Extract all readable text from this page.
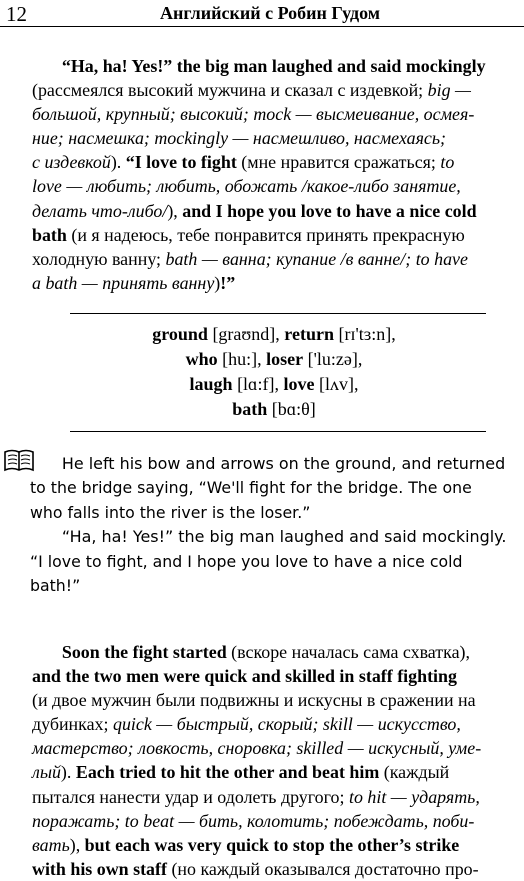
12	Английский с Робин Гудом
“Ha, ha! Yes!” the big man laughed and said mockingly
(рассмеялся высокий мужчина и сказал с издевкой; big —
большой, крупный; высокий; mock — высмеивание, осмея-
ние; насмешка; mockingly — насмешливо, насмехаясь;
с издевкой). “I love to fight (мне нравится сражаться; to
love — любить; любить, обожать /какое-либо занятие,
делать что-либо/), and I hope you love to have a nice cold
bath (и я надеюсь, тебе понравится принять прекрасную
холодную ванну; bath — ванна; купание /в ванне/; to have
a bath — принять ванну)!”
ground [graʊnd], return [rɪ'tɜ:n],
who [hu:], loser ['lu:zə],
laugh [lɑ:f], love [lʌv],
bath [bɑ:θ]
He left his bow and arrows on the ground, and returned
to the bridge saying, “We'll fight for the bridge. The one
who falls into the river is the loser.”
“Ha, ha! Yes!” the big man laughed and said mockingly.
“I love to fight, and I hope you love to have a nice cold
bath!”
Soon the fight started (вскоре началась сама схватка),
and the two men were quick and skilled in staff fighting
(и двое мужчин были подвижны и искусны в сражении на
дубинках; quick — быстрый, скорый; skill — искусство,
мастерство; ловкость, сноровка; skilled — искусный, уме-
лый). Each tried to hit the other and beat him (каждый
пытался нанести удар и одолеть другого; to hit — ударять,
поражать; to beat — бить, колотить; побеждать, поби-
вать), but each was very quick to stop the other’s strike
with his own staff (но каждый оказывался достаточно про-
